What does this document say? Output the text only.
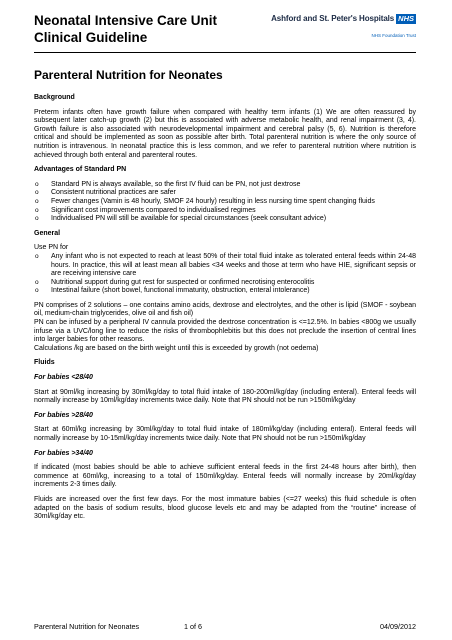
Neonatal Intensive Care Unit
Clinical Guideline
Ashford and St. Peter's Hospitals NHS
NHS Foundation Trust
Parenteral Nutrition for Neonates

Background

Preterm infants often have growth failure when compared with healthy term infants (1) We are often reassured by subsequent later catch-up growth (2) but this is associated with adverse metabolic health, and renal impairment (3, 4). Growth failure is also associated with neurodevelopmental impairment and cerebral palsy (5, 6). Nutrition is therefore critical and should be implemented as soon as possible after birth. Total parenteral nutrition is where the only source of nutrition is intravenous. In neonatal practice this is less common, and we refer to parenteral nutrition where nutrition is achieved through both enteral and parenteral routes.

Advantages of Standard PN

o Standard PN is always available, so the first IV fluid can be PN, not just dextrose
o Consistent nutritional practices are safer
o Fewer changes (Vamin is 48 hourly, SMOF 24 hourly) resulting in less nursing time spent changing fluids
o Significant cost improvements compared to individualised regimes
o Individualised PN will still be available for special circumstances (seek consultant advice)

General

Use PN for

o Any infant who is not expected to reach at least 50% of their total fluid intake as tolerated enteral feeds within 24-48 hours. In practice, this will at least mean all babies <34 weeks and those at term who have HIE, significant sepsis or are receiving intensive care
o Nutritional support during gut rest for suspected or confirmed necrotising enterocolitis
o Intestinal failure (short bowel, functional immaturity, obstruction, enteral intolerance)

PN comprises of 2 solutions – one contains amino acids, dextrose and electrolytes, and the other is lipid (SMOF - soybean oil, medium-chain triglycerides, olive oil and fish oil)
PN can be infused by a peripheral IV cannula provided the dextrose concentration is <=12.5%. In babies <800g we usually infuse via a UVC/long line to reduce the risks of thrombophlebitis but this does not preclude the insertion of central lines into larger babies for other reasons.
Calculations /kg are based on the birth weight until this is exceeded by growth (not oedema)

Fluids

For babies <28/40

Start at 90ml/kg increasing by 30ml/kg/day to total fluid intake of 180-200ml/kg/day (including enteral). Enteral feeds will normally increase by 10ml/kg/day increments twice daily. Note that PN should not be run >150ml/kg/day

For babies >28/40

Start at 60ml/kg increasing by 30ml/kg/day to total fluid intake of 180ml/kg/day (including enteral). Enteral feeds will normally increase by 10-15ml/kg/day increments twice daily. Note that PN should not be run >150ml/kg/day

For babies >34/40

If indicated (most babies should be able to achieve sufficient enteral feeds in the first 24-48 hours after birth), then commence at 60ml/kg, increasing to a total of 150ml/kg/day. Enteral feeds will normally increase by 20ml/kg/day increments 2-3 times daily.

Fluids are increased over the first few days. For the most immature babies (<=27 weeks) this fluid schedule is often adapted on the basis of sodium results, blood glucose levels etc and may be adapted from the “routine” increase of 30ml/kg/day etc.

Parenteral Nutrition for Neonates	1 of 6	04/09/2012
